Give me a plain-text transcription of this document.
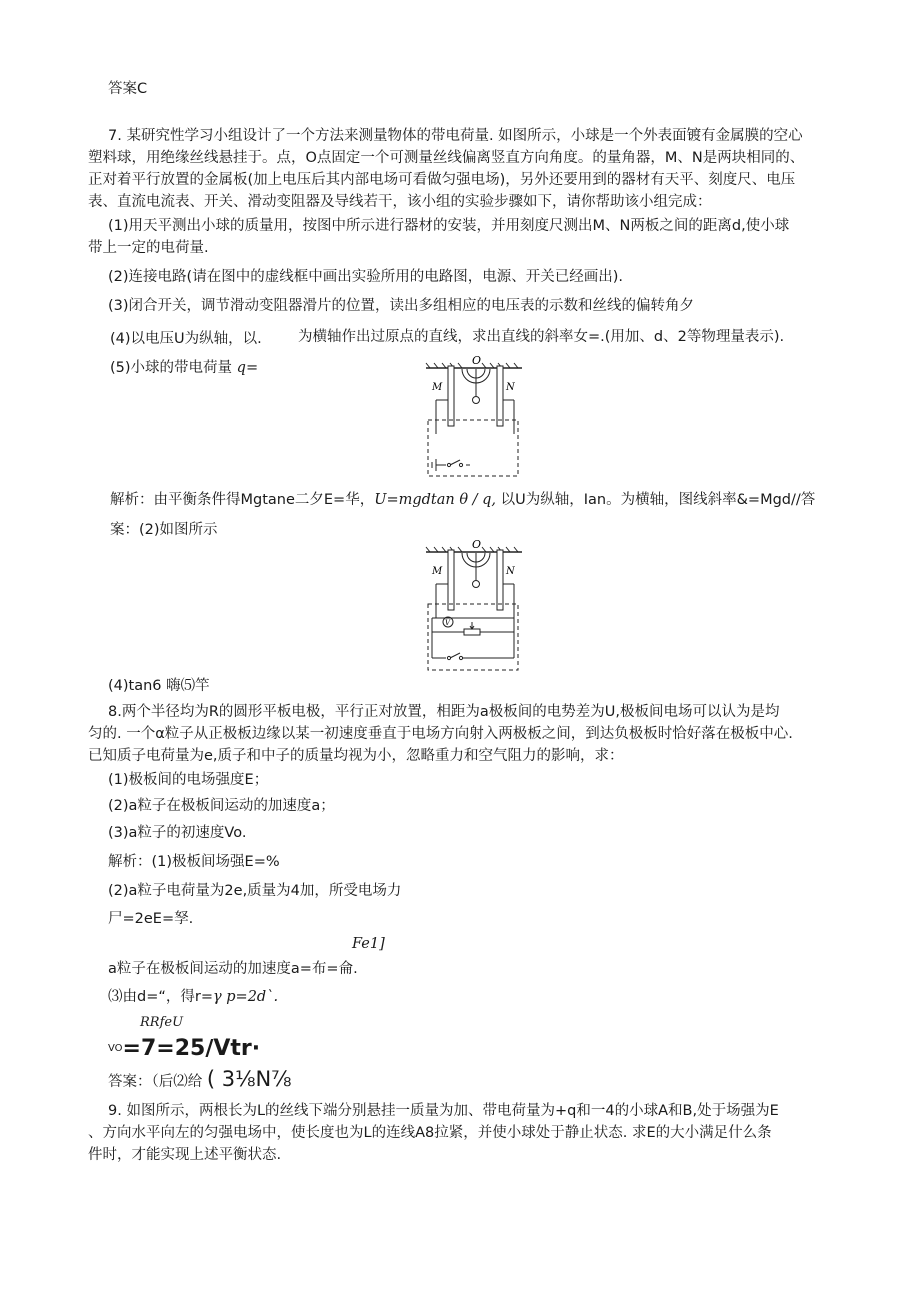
答案C
7. 某研究性学习小组设计了一个方法来测量物体的带电荷量. 如图所示，小球是一个外表面镀有金属膜的空心
塑料球，用绝缘丝线悬挂于。点，O点固定一个可测量丝线偏离竖直方向角度。的量角器，M、N是两块相同的、
正对着平行放置的金属板(加上电压后其内部电场可看做匀强电场)，另外还要用到的器材有天平、刻度尺、电压
表、直流电流表、开关、滑动变阻器及导线若干，该小组的实验步骤如下，请你帮助该小组完成：
(1)用天平测出小球的质量用，按图中所示进行器材的安装，并用刻度尺测出M、N两板之间的距离d,使小球
带上一定的电荷量.
(2)连接电路(请在图中的虚线框中画出实验所用的电路图，电源、开关已经画出).
(3)闭合开关，调节滑动变阻器滑片的位置，读出多组相应的电压表的示数和丝线的偏转角夕
(4)以电压U为纵轴，以. 为横轴作出过原点的直线，求出直线的斜率女=.(用加、d、2等物理量表示).
(5)小球的带电荷量 q=	O
M	N
解析：由平衡条件得Mgtane二夕E=华，U=mgdtan θ / q, 以U为纵轴，Ian。为横轴，图线斜率&=Mgd//答
案：(2)如图所示
O
M	N
V
(4)tan6 嗨⑸竿
8.两个半径均为R的圆形平板电极，平行正对放置，相距为a极板间的电势差为U,极板间电场可以认为是均
匀的. 一个α粒子从正极板边缘以某一初速度垂直于电场方向射入两极板之间，到达负极板时恰好落在极板中心.
已知质子电荷量为e,质子和中子的质量均视为小，忽略重力和空气阻力的影响，求：
(1)极板间的电场强度E；
(2)a粒子在极板间运动的加速度a；
(3)a粒子的初速度Vo.
解析：(1)极板间场强E=%
(2)a粒子电荷量为2e,质量为4加，所受电场力
尸=2eE=孥.
Fe1]
a粒子在极板间运动的加速度a=布=侖.
⑶由d=“，得r=γ p=2d`.
RRfeU
$^{VO}$=7=25∕Vtr·
答案：（后⑵给 ( 3⅛N⅞
9. 如图所示，两根长为L的丝线下端分别悬挂一质量为加、带电荷量为+q和一4的小球A和B,处于场强为E
、方向水平向左的匀强电场中，使长度也为L的连线A8拉紧，并使小球处于静止状态. 求E的大小满足什么条
件时，才能实现上述平衡状态.
